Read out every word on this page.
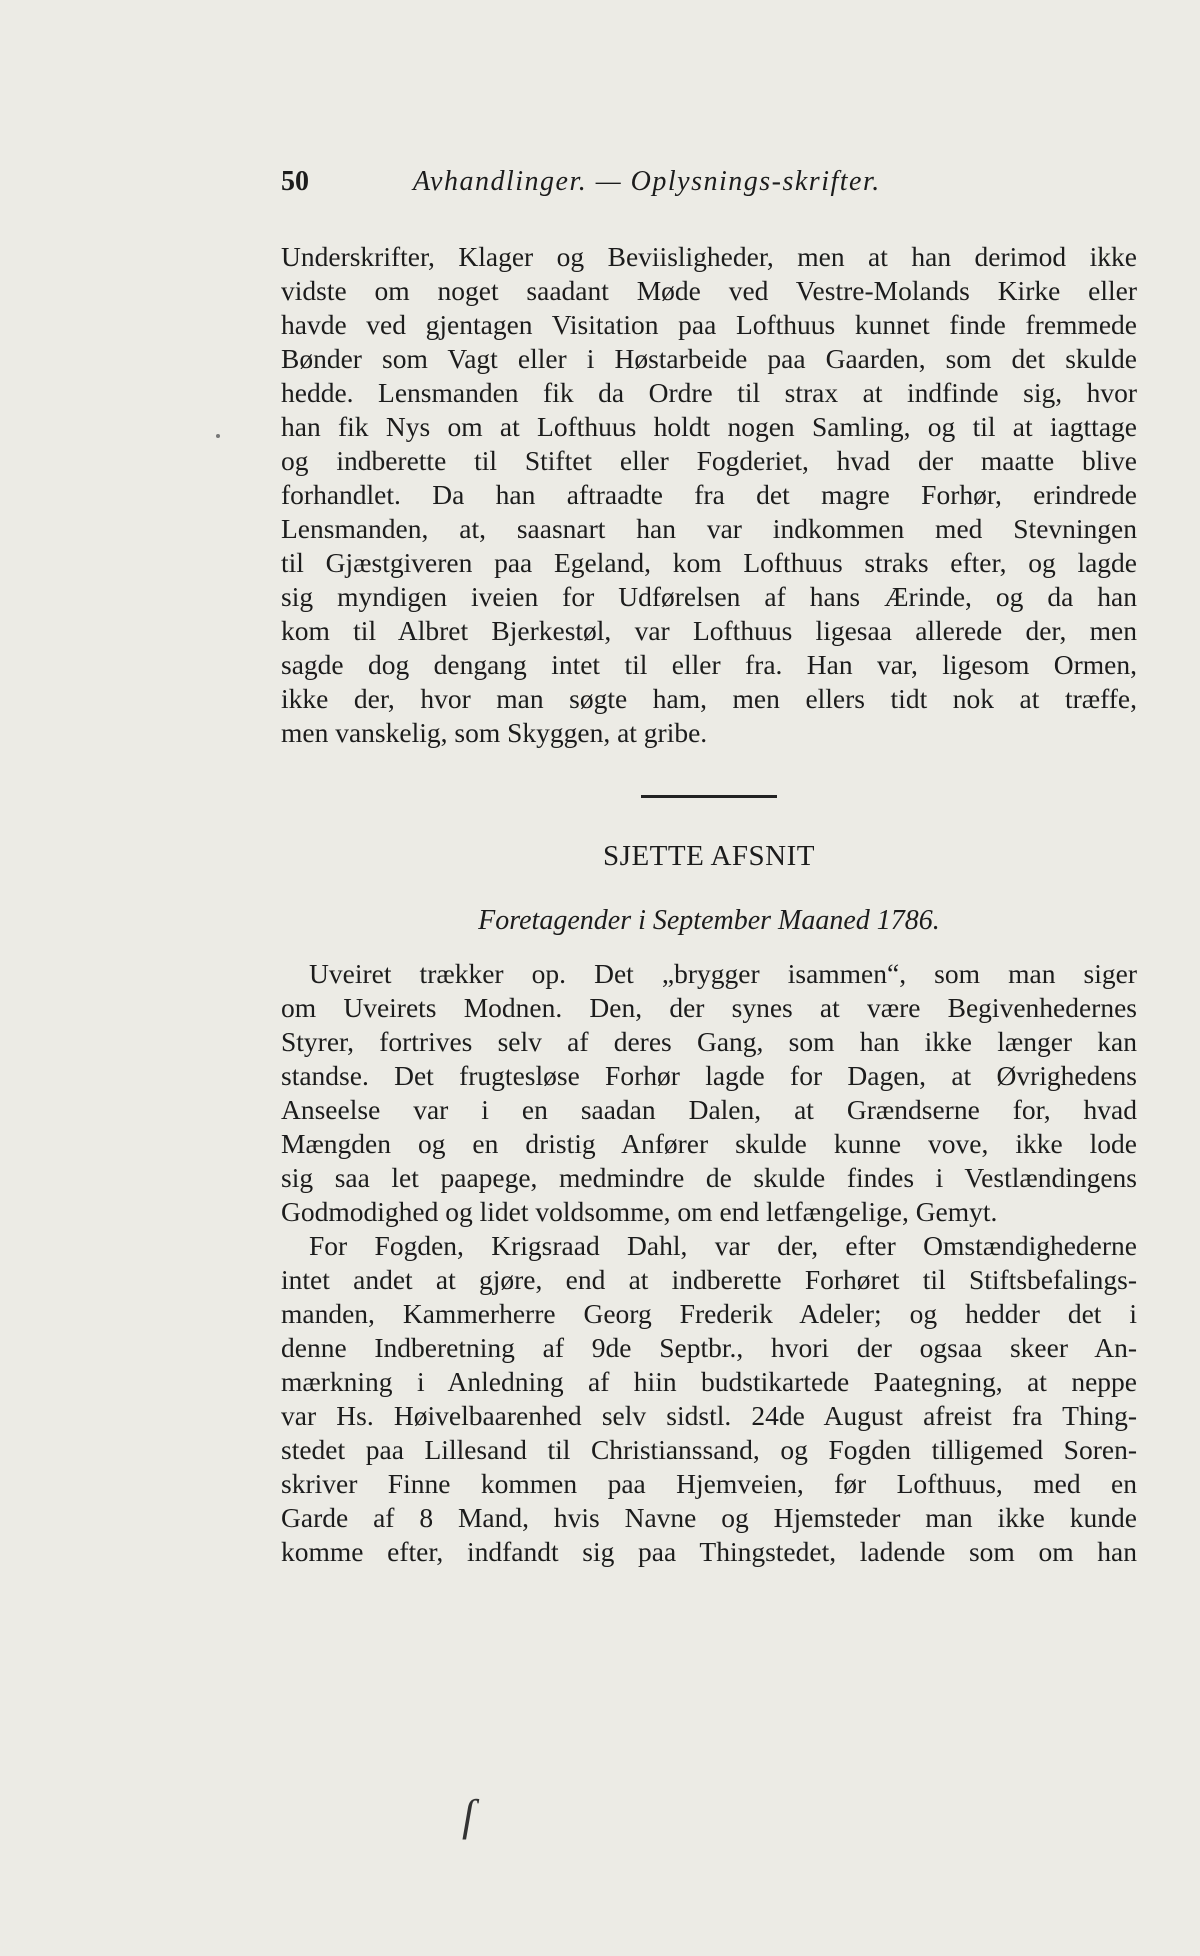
50	Avhandlinger. — Oplysnings-skrifter.
Underskrifter, Klager og Beviisligheder, men at han derimod ikke
vidste om noget saadant Møde ved Vestre-Molands Kirke eller
havde ved gjentagen Visitation paa Lofthuus kunnet finde fremmede
Bønder som Vagt eller i Høstarbeide paa Gaarden, som det skulde
hedde. Lensmanden fik da Ordre til strax at indfinde sig, hvor
han fik Nys om at Lofthuus holdt nogen Samling, og til at iagttage
og indberette til Stiftet eller Fogderiet, hvad der maatte blive
forhandlet. Da han aftraadte fra det magre Forhør, erindrede
Lensmanden, at, saasnart han var indkommen med Stevningen
til Gjæstgiveren paa Egeland, kom Lofthuus straks efter, og lagde
sig myndigen iveien for Udførelsen af hans Ærinde, og da han
kom til Albret Bjerkestøl, var Lofthuus ligesaa allerede der, men
sagde dog dengang intet til eller fra. Han var, ligesom Ormen,
ikke der, hvor man søgte ham, men ellers tidt nok at træffe,
men vanskelig, som Skyggen, at gribe.
SJETTE AFSNIT
Foretagender i September Maaned 1786.
Uveiret trækker op. Det „brygger isammen“, som man siger
om Uveirets Modnen. Den, der synes at være Begivenhedernes
Styrer, fortrives selv af deres Gang, som han ikke længer kan
standse. Det frugtesløse Forhør lagde for Dagen, at Øvrighedens
Anseelse var i en saadan Dalen, at Grændserne for, hvad
Mængden og en dristig Anfører skulde kunne vove, ikke lode
sig saa let paapege, medmindre de skulde findes i Vestlændingens
Godmodighed og lidet voldsomme, om end letfængelige, Gemyt.
For Fogden, Krigsraad Dahl, var der, efter Omstændighederne
intet andet at gjøre, end at indberette Forhøret til Stiftsbefalings-
manden, Kammerherre Georg Frederik Adeler; og hedder det i
denne Indberetning af 9de Septbr., hvori der ogsaa skeer An-
mærkning i Anledning af hiin budstikartede Paategning, at neppe
var Hs. Høivelbaarenhed selv sidstl. 24de August afreist fra Thing-
stedet paa Lillesand til Christianssand, og Fogden tilligemed Soren-
skriver Finne kommen paa Hjemveien, før Lofthuus, med en
Garde af 8 Mand, hvis Navne og Hjemsteder man ikke kunde
komme efter, indfandt sig paa Thingstedet, ladende som om han
ſ
